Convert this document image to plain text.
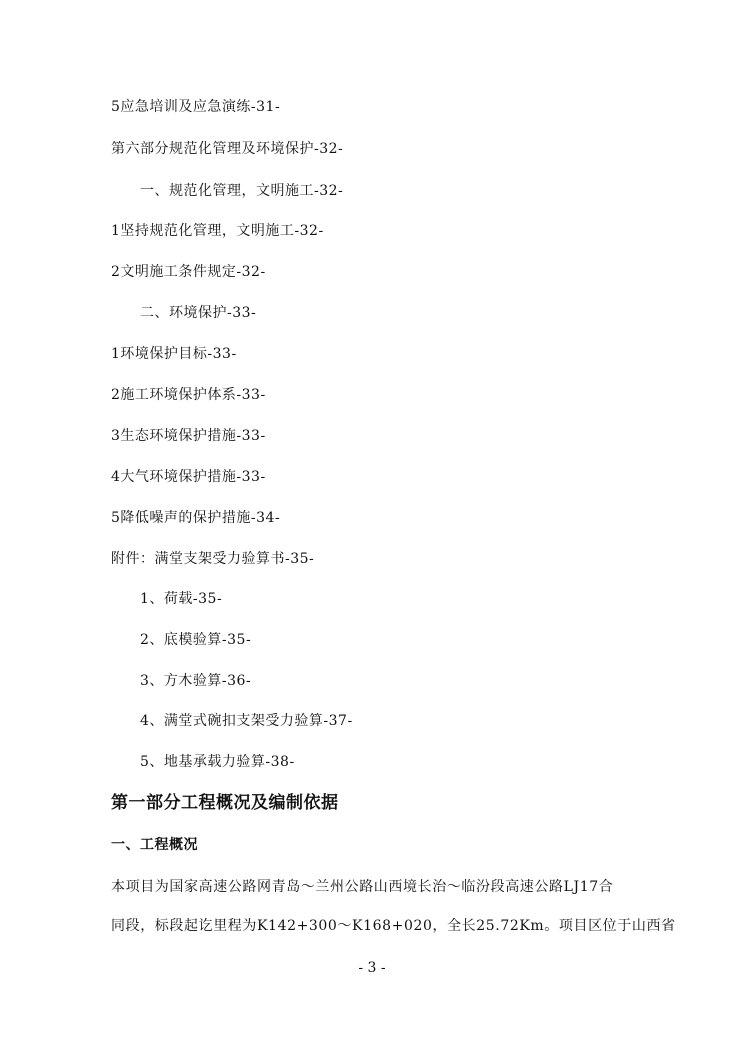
5应急培训及应急演练-31-
第六部分规范化管理及环境保护-32-
一、规范化管理，文明施工-32-
1坚持规范化管理，文明施工-32-
2文明施工条件规定-32-
二、环境保护-33-
1环境保护目标-33-
2施工环境保护体系-33-
3生态环境保护措施-33-
4大气环境保护措施-33-
5降低噪声的保护措施-34-
附件：满堂支架受力验算书-35-
1、荷载-35-
2、底模验算-35-
3、方木验算-36-
4、满堂式碗扣支架受力验算-37-
5、地基承载力验算-38-
第一部分工程概况及编制依据
一、工程概况
本项目为国家高速公路网青岛～兰州公路山西境长治～临汾段高速公路LJ17合
同段，标段起讫里程为K142+300～K168+020，全长25.72Km。项目区位于山西省
- 3 -
